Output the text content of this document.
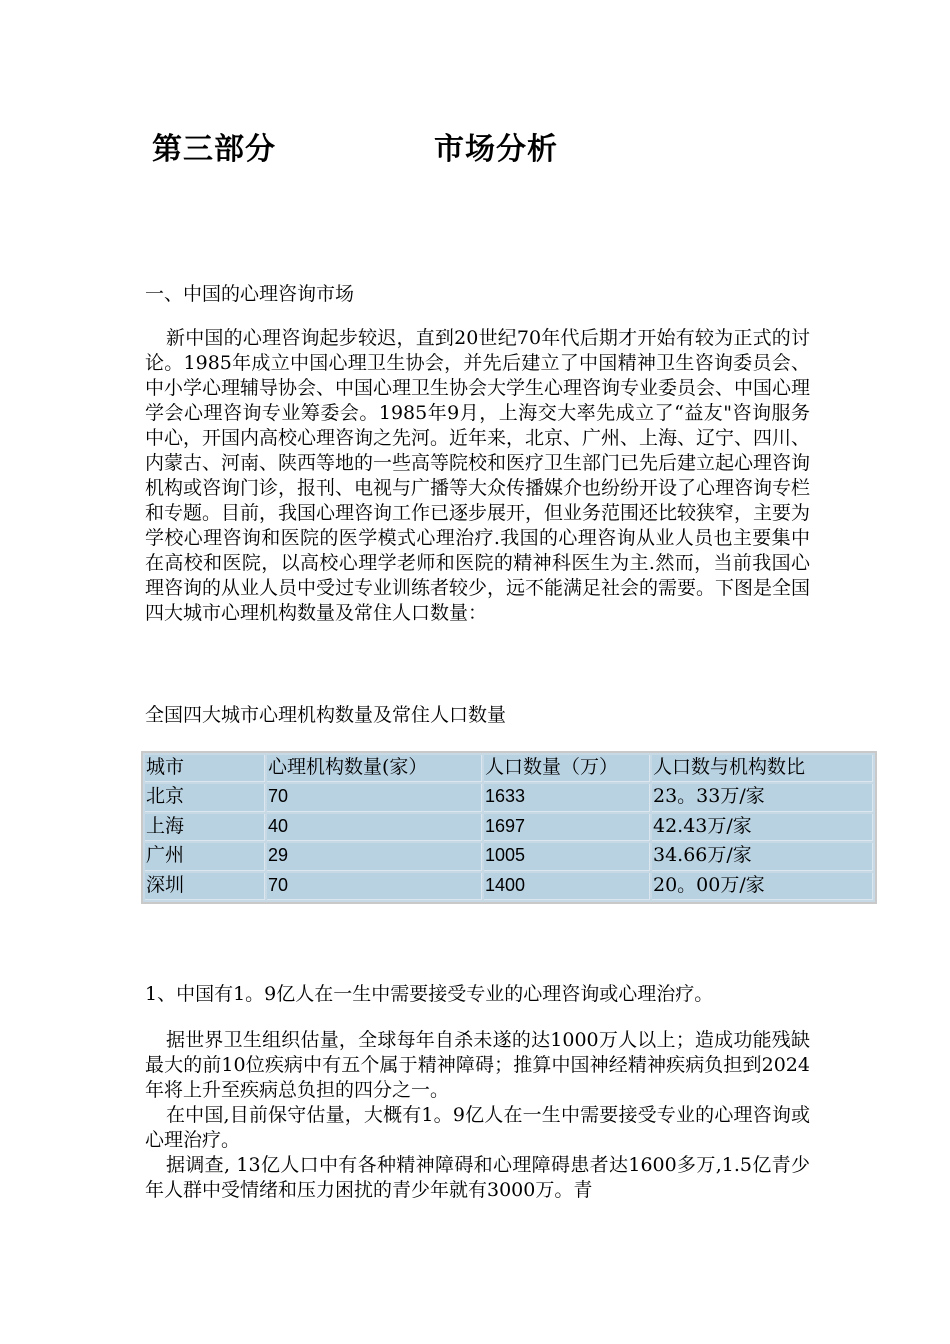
第三部分	市场分析
一、中国的心理咨询市场
新中国的心理咨询起步较迟，直到20世纪70年代后期才开始有较为正式的讨论。1985年成立中国心理卫生协会，并先后建立了中国精神卫生咨询委员会、中小学心理辅导协会、中国心理卫生协会大学生心理咨询专业委员会、中国心理学会心理咨询专业筹委会。1985年9月，上海交大率先成立了“益友"咨询服务中心，开国内高校心理咨询之先河。近年来，北京、广州、上海、辽宁、四川、内蒙古、河南、陕西等地的一些高等院校和医疗卫生部门已先后建立起心理咨询机构或咨询门诊，报刊、电视与广播等大众传播媒介也纷纷开设了心理咨询专栏和专题。目前，我国心理咨询工作已逐步展开，但业务范围还比较狭窄，主要为学校心理咨询和医院的医学模式心理治疗.我国的心理咨询从业人员也主要集中在高校和医院，以高校心理学老师和医院的精神科医生为主.然而，当前我国心理咨询的从业人员中受过专业训练者较少，远不能满足社会的需要。下图是全国四大城市心理机构数量及常住人口数量：
全国四大城市心理机构数量及常住人口数量
城市	心理机构数量(家）	人口数量（万）	人口数与机构数比
北京	70	1633	23。33万/家
上海	40	1697	42.43万/家
广州	29	1005	34.66万/家
深圳	70	1400	20。00万/家
1、中国有1。9亿人在一生中需要接受专业的心理咨询或心理治疗。
据世界卫生组织估量，全球每年自杀未遂的达1000万人以上；造成功能残缺最大的前10位疾病中有五个属于精神障碍；推算中国神经精神疾病负担到2024年将上升至疾病总负担的四分之一。
在中国,目前保守估量，大概有1。9亿人在一生中需要接受专业的心理咨询或心理治疗。
据调查, 13亿人口中有各种精神障碍和心理障碍患者达1600多万,1.5亿青少年人群中受情绪和压力困扰的青少年就有3000万。青
